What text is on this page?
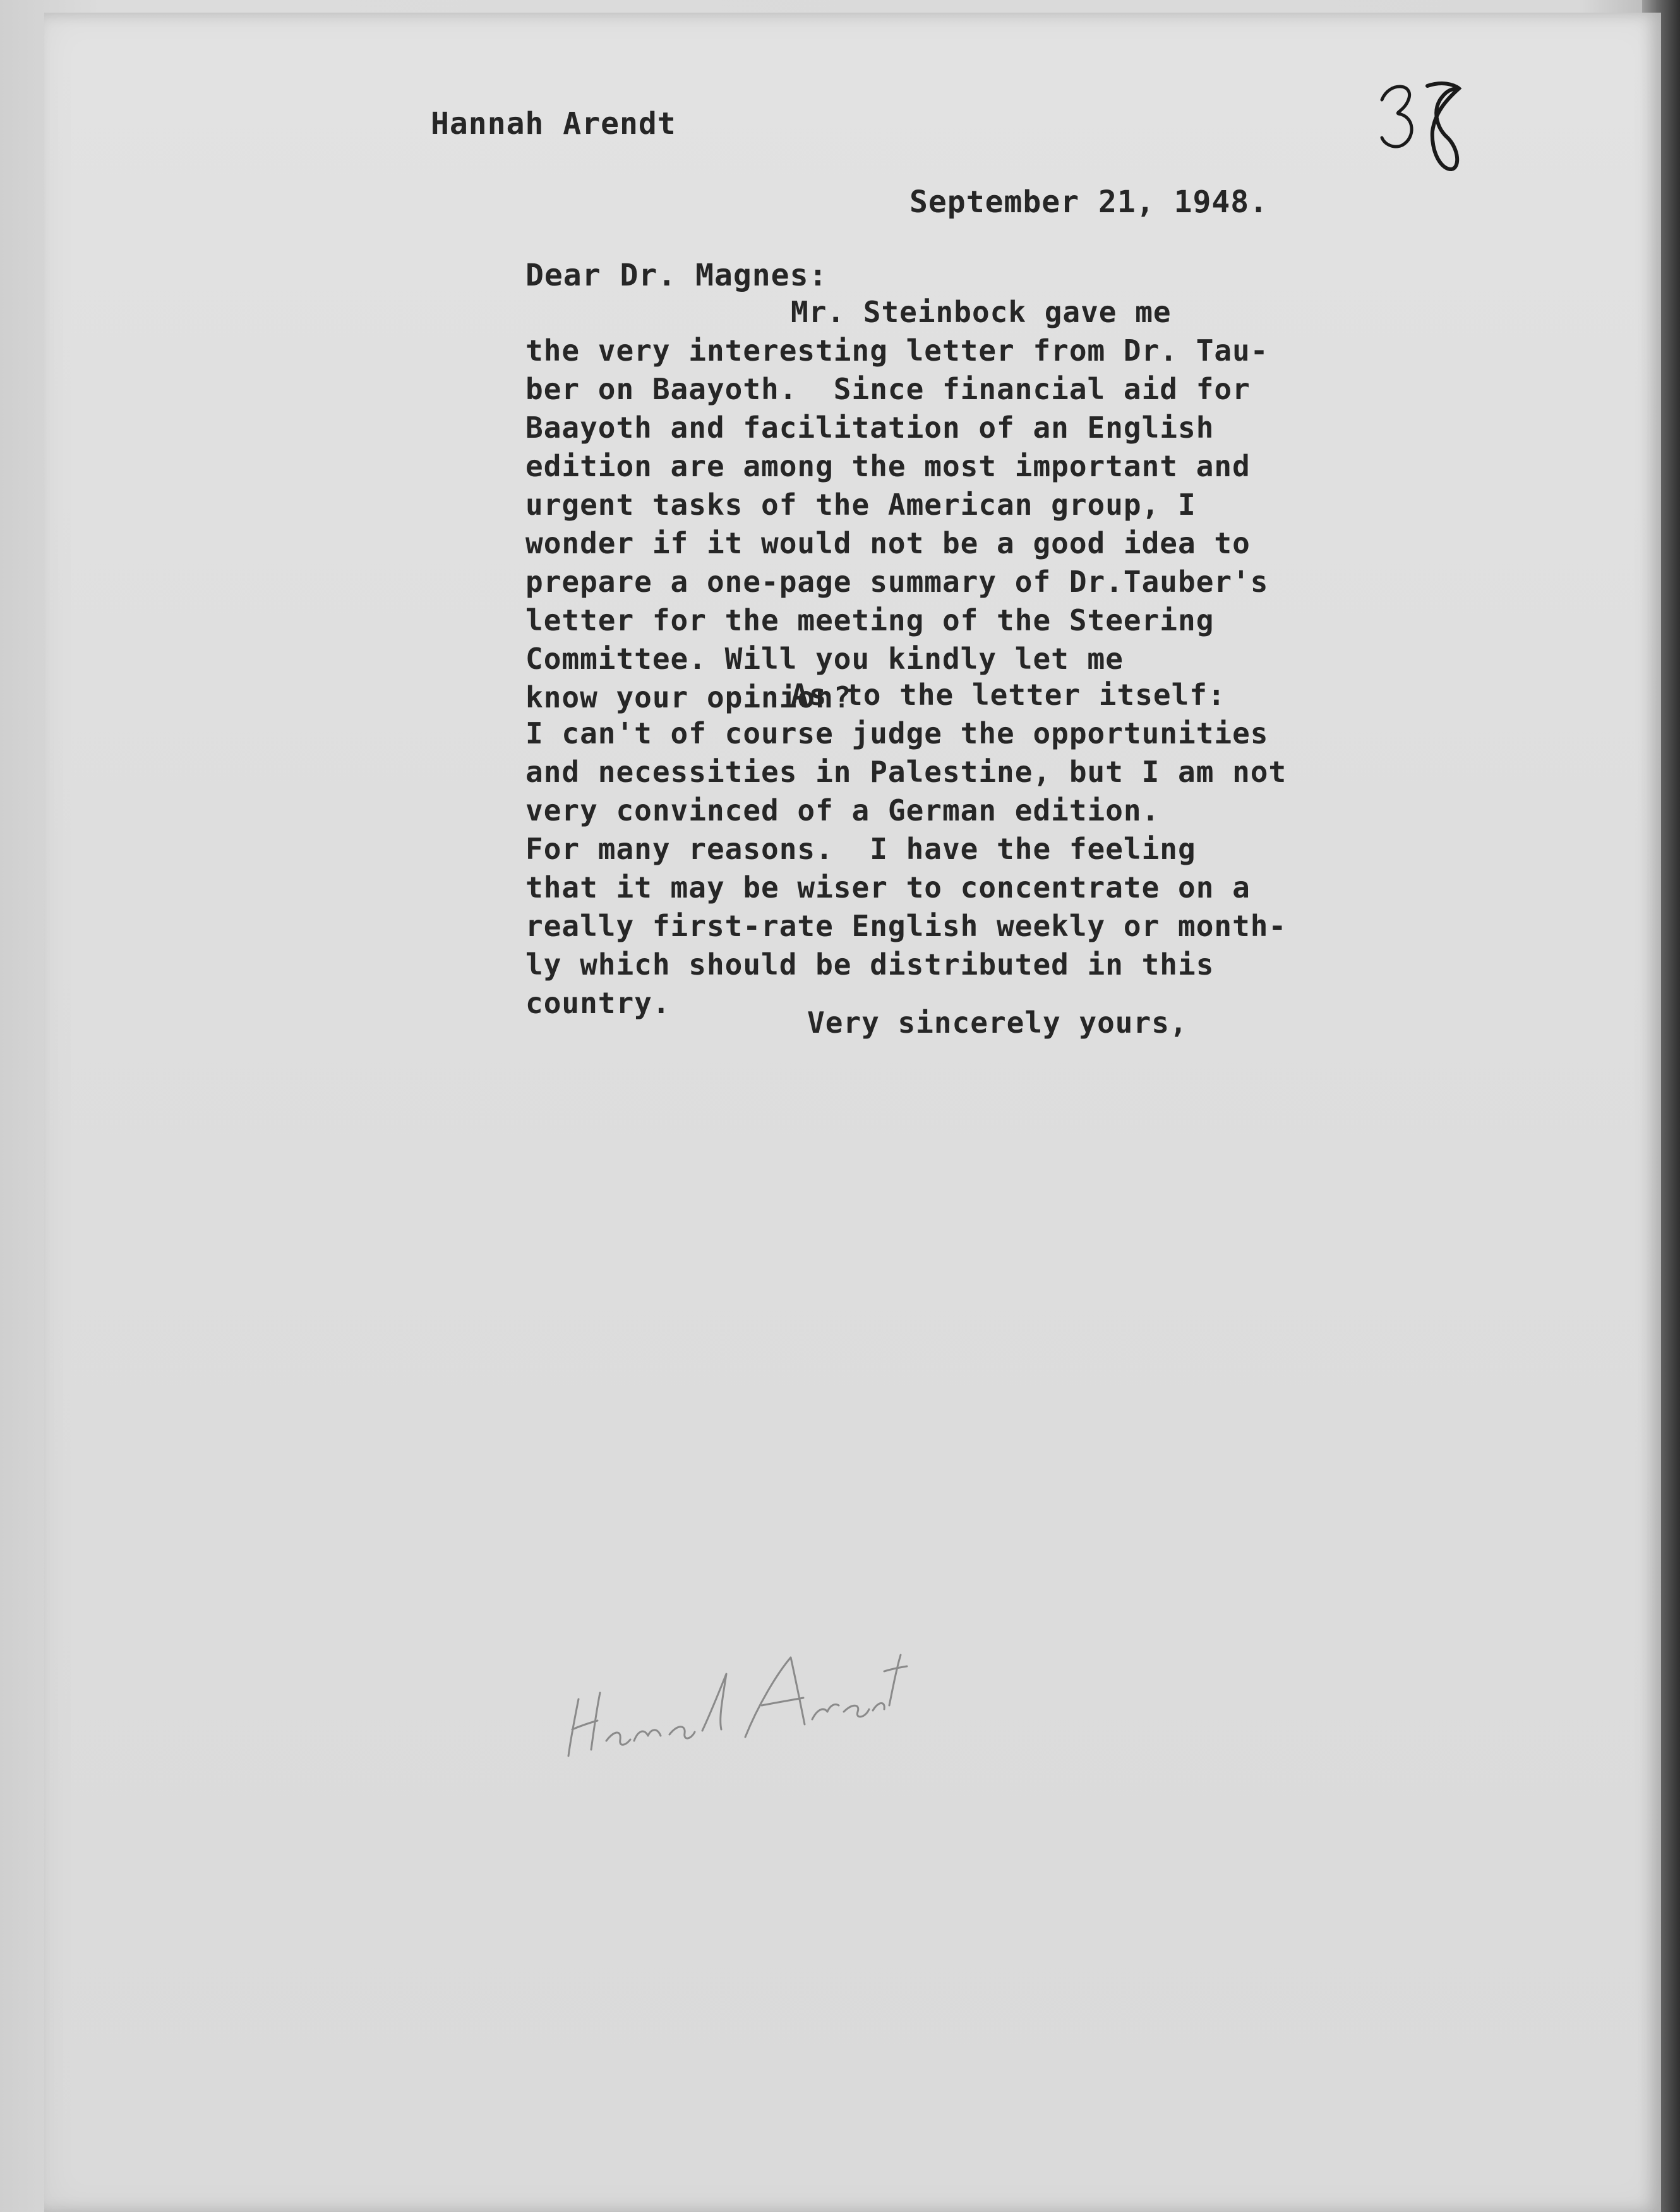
Hannah Arendt
September 21, 1948.
Dear Dr. Magnes:
Mr. Steinbock gave me
the very interesting letter from Dr. Tau-
ber on Baayoth.  Since financial aid for
Baayoth and facilitation of an English
edition are among the most important and
urgent tasks of the American group, I
wonder if it would not be a good idea to
prepare a one-page summary of Dr.Tauber's
letter for the meeting of the Steering
Committee. Will you kindly let me
know your opinion?
As to the letter itself:
I can't of course judge the opportunities
and necessities in Palestine, but I am not
very convinced of a German edition.
For many reasons.  I have the feeling
that it may be wiser to concentrate on a
really first-rate English weekly or month-
ly which should be distributed in this
country.
Very sincerely yours,
